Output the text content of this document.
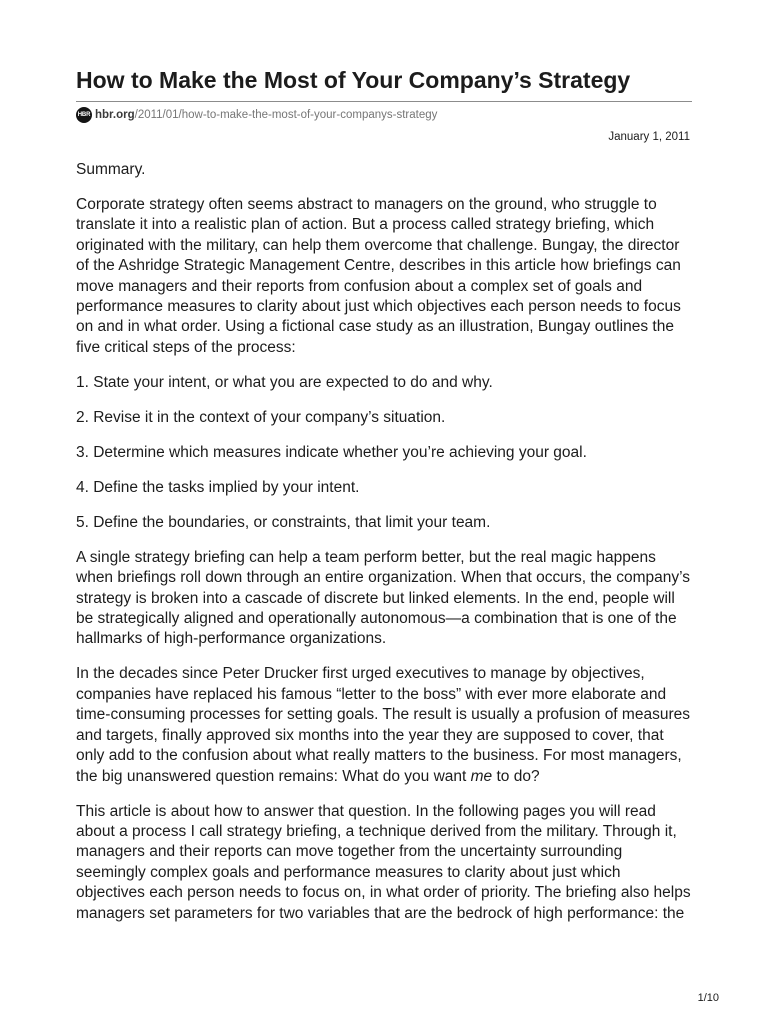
How to Make the Most of Your Company’s Strategy
HBR hbr.org /2011/01/how-to-make-the-most-of-your-companys-strategy
January 1, 2011

Summary.

Corporate strategy often seems abstract to managers on the ground, who struggle to
translate it into a realistic plan of action. But a process called strategy briefing, which
originated with the military, can help them overcome that challenge. Bungay, the director
of the Ashridge Strategic Management Centre, describes in this article how briefings can
move managers and their reports from confusion about a complex set of goals and
performance measures to clarity about just which objectives each person needs to focus
on and in what order. Using a fictional case study as an illustration, Bungay outlines the
five critical steps of the process:

1. State your intent, or what you are expected to do and why.

2. Revise it in the context of your company’s situation.

3. Determine which measures indicate whether you’re achieving your goal.

4. Define the tasks implied by your intent.

5. Define the boundaries, or constraints, that limit your team.

A single strategy briefing can help a team perform better, but the real magic happens
when briefings roll down through an entire organization. When that occurs, the company’s
strategy is broken into a cascade of discrete but linked elements. In the end, people will
be strategically aligned and operationally autonomous—a combination that is one of the
hallmarks of high-performance organizations.

In the decades since Peter Drucker first urged executives to manage by objectives,
companies have replaced his famous “letter to the boss” with ever more elaborate and
time-consuming processes for setting goals. The result is usually a profusion of measures
and targets, finally approved six months into the year they are supposed to cover, that
only add to the confusion about what really matters to the business. For most managers,
the big unanswered question remains: What do you want me to do?

This article is about how to answer that question. In the following pages you will read
about a process I call strategy briefing, a technique derived from the military. Through it,
managers and their reports can move together from the uncertainty surrounding
seemingly complex goals and performance measures to clarity about just which
objectives each person needs to focus on, in what order of priority. The briefing also helps
managers set parameters for two variables that are the bedrock of high performance: the

1/10
